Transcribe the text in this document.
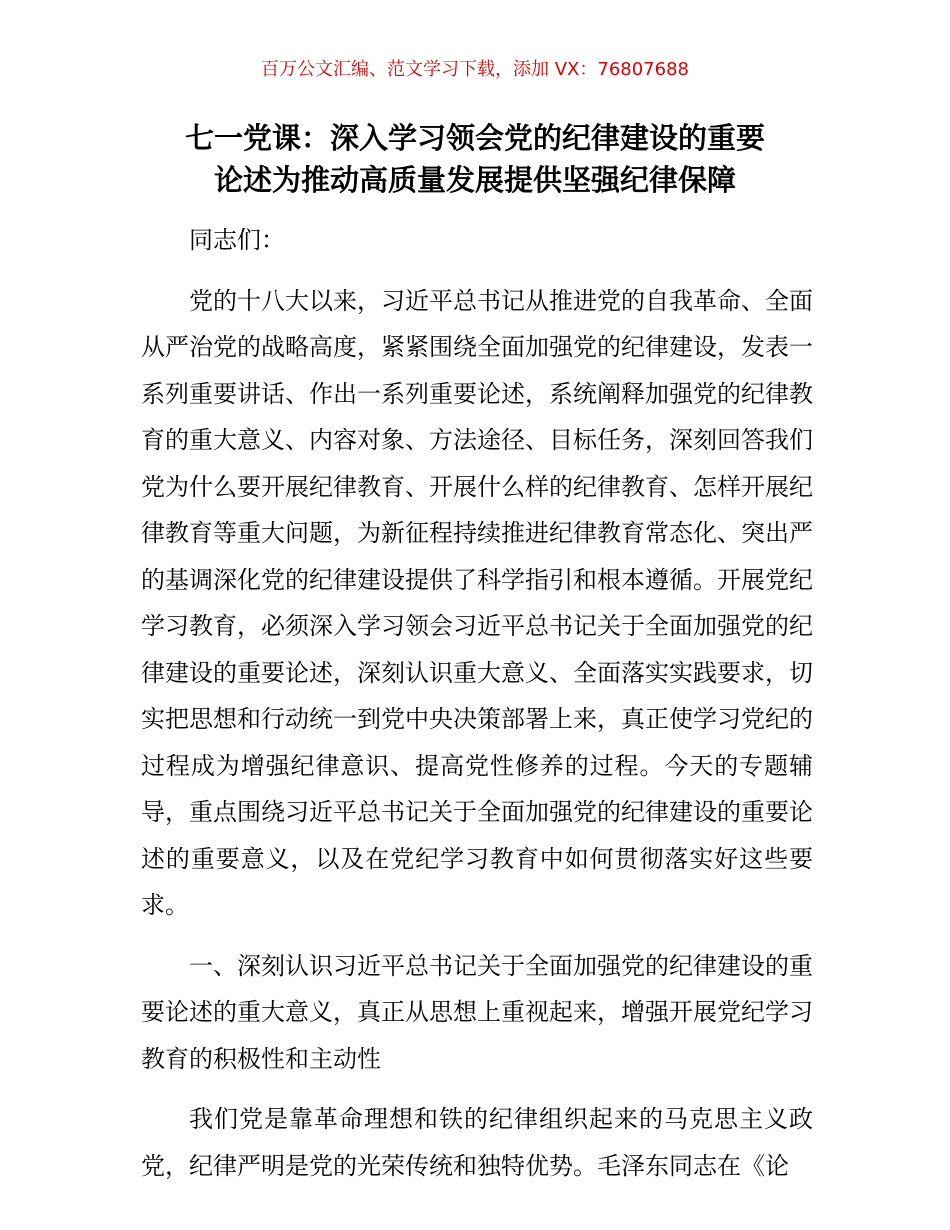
百万公文汇编、范文学习下载，添加 VX：76807688
七一党课：深入学习领会党的纪律建设的重要
论述为推动高质量发展提供坚强纪律保障

同志们：

党的十八大以来，习近平总书记从推进党的自我革命、全面从严治党的战略高度，紧紧围绕全面加强党的纪律建设，发表一系列重要讲话、作出一系列重要论述，系统阐释加强党的纪律教育的重大意义、内容对象、方法途径、目标任务，深刻回答我们党为什么要开展纪律教育、开展什么样的纪律教育、怎样开展纪律教育等重大问题，为新征程持续推进纪律教育常态化、突出严的基调深化党的纪律建设提供了科学指引和根本遵循。开展党纪学习教育，必须深入学习领会习近平总书记关于全面加强党的纪律建设的重要论述，深刻认识重大意义、全面落实实践要求，切实把思想和行动统一到党中央决策部署上来，真正使学习党纪的过程成为增强纪律意识、提高党性修养的过程。今天的专题辅导，重点围绕习近平总书记关于全面加强党的纪律建设的重要论述的重要意义，以及在党纪学习教育中如何贯彻落实好这些要求。

一、深刻认识习近平总书记关于全面加强党的纪律建设的重要论述的重大意义，真正从思想上重视起来，增强开展党纪学习教育的积极性和主动性

我们党是靠革命理想和铁的纪律组织起来的马克思主义政党，纪律严明是党的光荣传统和独特优势。毛泽东同志在《论
